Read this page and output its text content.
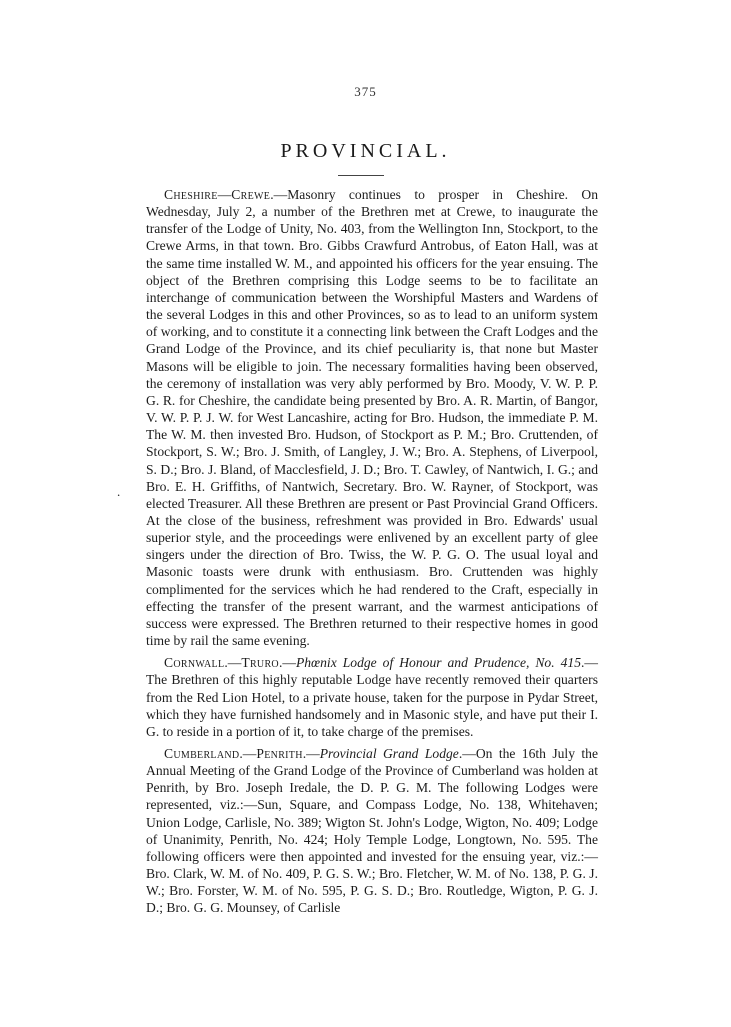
375
PROVINCIAL.
.

Cheshire—Crewe.—Masonry continues to prosper in Cheshire. On Wednesday, July 2, a number of the Brethren met at Crewe, to inaugurate the transfer of the Lodge of Unity, No. 403, from the Wellington Inn, Stockport, to the Crewe Arms, in that town. Bro. Gibbs Crawfurd Antrobus, of Eaton Hall, was at the same time installed W. M., and appointed his officers for the year ensuing. The object of the Brethren comprising this Lodge seems to be to facilitate an interchange of communication between the Worshipful Masters and Wardens of the several Lodges in this and other Provinces, so as to lead to an uniform system of working, and to constitute it a connecting link between the Craft Lodges and the Grand Lodge of the Province, and its chief peculiarity is, that none but Master Masons will be eligible to join. The necessary formalities having been observed, the ceremony of installation was very ably performed by Bro. Moody, V. W. P. P. G. R. for Cheshire, the candidate being presented by Bro. A. R. Martin, of Bangor, V. W. P. P. J. W. for West Lancashire, acting for Bro. Hudson, the immediate P. M. The W. M. then invested Bro. Hudson, of Stockport as P. M.; Bro. Cruttenden, of Stockport, S. W.; Bro. J. Smith, of Langley, J. W.; Bro. A. Stephens, of Liverpool, S. D.; Bro. J. Bland, of Macclesfield, J. D.; Bro. T. Cawley, of Nantwich, I. G.; and Bro. E. H. Griffiths, of Nantwich, Secretary. Bro. W. Rayner, of Stockport, was elected Treasurer. All these Brethren are present or Past Provincial Grand Officers. At the close of the business, refreshment was provided in Bro. Edwards' usual superior style, and the proceedings were enlivened by an excellent party of glee singers under the direction of Bro. Twiss, the W. P. G. O. The usual loyal and Masonic toasts were drunk with enthusiasm. Bro. Cruttenden was highly complimented for the services which he had rendered to the Craft, especially in effecting the transfer of the present warrant, and the warmest anticipations of success were expressed. The Brethren returned to their respective homes in good time by rail the same evening.

Cornwall.—Truro.—Phœnix Lodge of Honour and Prudence, No. 415.—The Brethren of this highly reputable Lodge have recently removed their quarters from the Red Lion Hotel, to a private house, taken for the purpose in Pydar Street, which they have furnished handsomely and in Masonic style, and have put their I. G. to reside in a portion of it, to take charge of the premises.

Cumberland.—Penrith.—Provincial Grand Lodge.—On the 16th July the Annual Meeting of the Grand Lodge of the Province of Cumberland was holden at Penrith, by Bro. Joseph Iredale, the D. P. G. M. The following Lodges were represented, viz.:—Sun, Square, and Compass Lodge, No. 138, Whitehaven; Union Lodge, Carlisle, No. 389; Wigton St. John's Lodge, Wigton, No. 409; Lodge of Unanimity, Penrith, No. 424; Holy Temple Lodge, Longtown, No. 595. The following officers were then appointed and invested for the ensuing year, viz.:—Bro. Clark, W. M. of No. 409, P. G. S. W.; Bro. Fletcher, W. M. of No. 138, P. G. J. W.; Bro. Forster, W. M. of No. 595, P. G. S. D.; Bro. Routledge, Wigton, P. G. J. D.; Bro. G. G. Mounsey, of Carlisle
